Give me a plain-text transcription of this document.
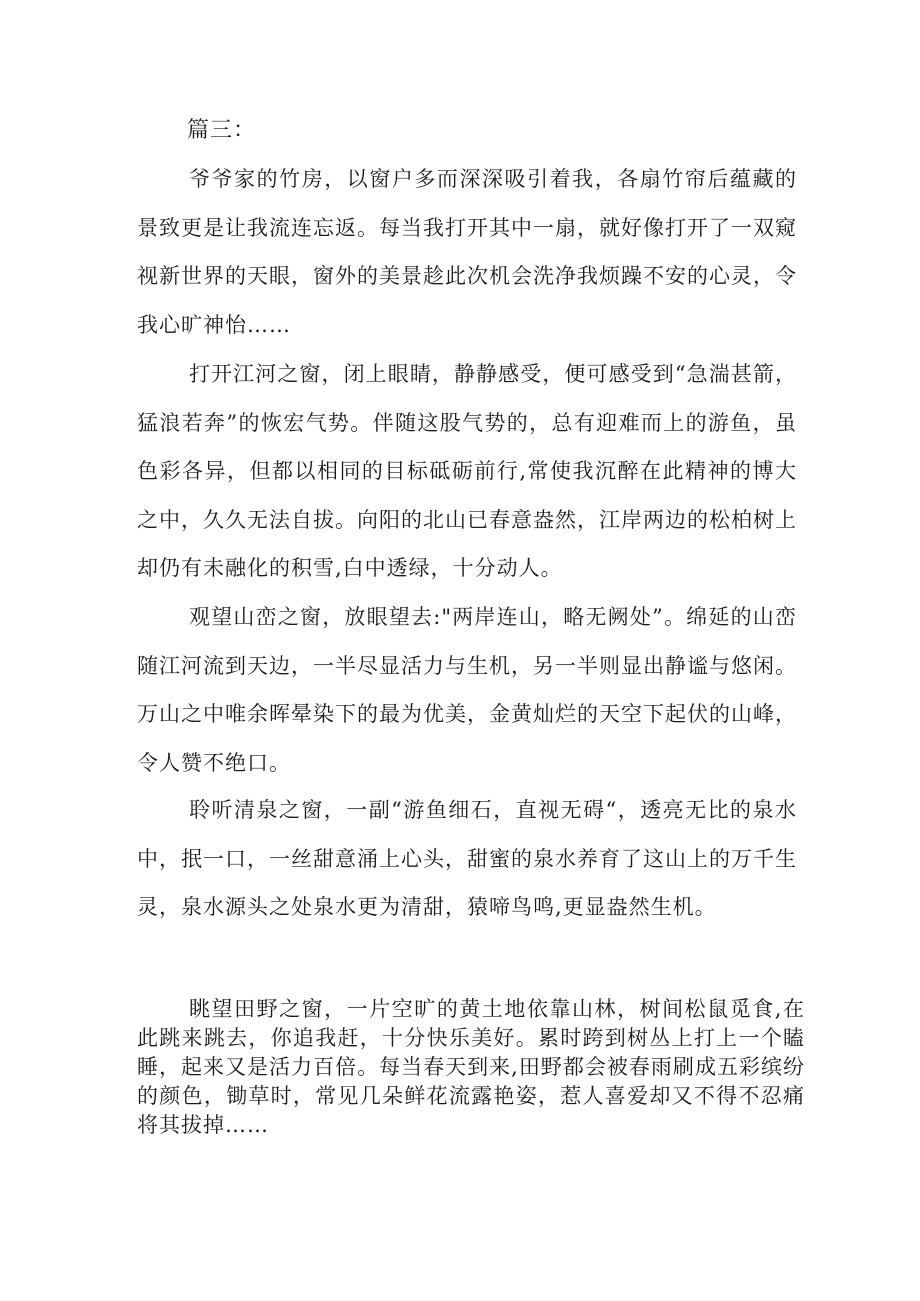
篇三：

爷爷家的竹房，以窗户多而深深吸引着我，各扇竹帘后蕴藏的景致更是让我流连忘返。每当我打开其中一扇，就好像打开了一双窥视新世界的天眼，窗外的美景趁此次机会洗净我烦躁不安的心灵，令我心旷神怡……

打开江河之窗，闭上眼睛，静静感受，便可感受到“急湍甚箭，猛浪若奔”的恢宏气势。伴随这股气势的，总有迎难而上的游鱼，虽色彩各异，但都以相同的目标砥砺前行,常使我沉醉在此精神的博大之中，久久无法自拔。向阳的北山已春意盎然，江岸两边的松柏树上却仍有未融化的积雪,白中透绿，十分动人。

观望山峦之窗，放眼望去:"两岸连山，略无阙处”。绵延的山峦随江河流到天边，一半尽显活力与生机，另一半则显出静谧与悠闲。万山之中唯余晖晕染下的最为优美，金黄灿烂的天空下起伏的山峰，令人赞不绝口。

聆听清泉之窗，一副“游鱼细石，直视无碍“，透亮无比的泉水中，抿一口，一丝甜意涌上心头，甜蜜的泉水养育了这山上的万千生灵，泉水源头之处泉水更为清甜，猿啼鸟鸣,更显盎然生机。

眺望田野之窗，一片空旷的黄土地依靠山林，树间松鼠觅食,在此跳来跳去，你追我赶，十分快乐美好。累时跨到树丛上打上一个瞌睡，起来又是活力百倍。每当春天到来,田野都会被春雨刷成五彩缤纷的颜色，锄草时，常见几朵鲜花流露艳姿，惹人喜爱却又不得不忍痛将其拔掉……
